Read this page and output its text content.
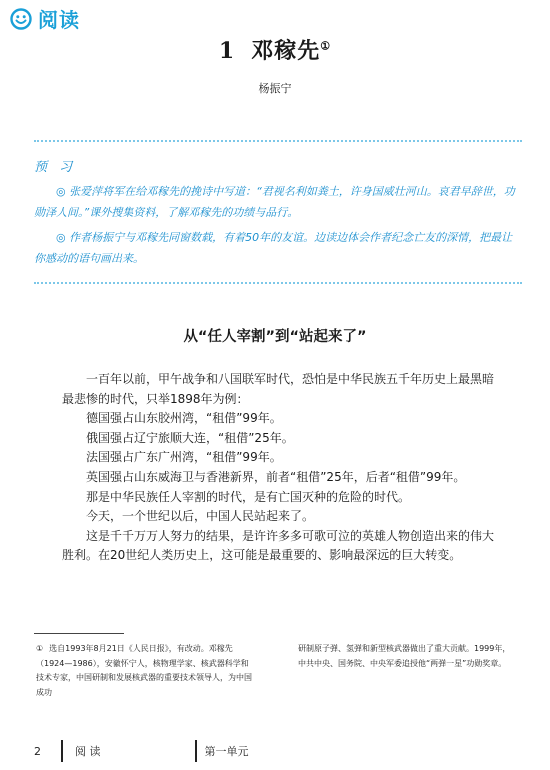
阅读
1 邓稼先①
杨振宁
预 习

◎ 张爱萍将军在给邓稼先的挽诗中写道：“君视名利如粪土，许身国威壮河山。哀君早辞世，功勋泽人间。”课外搜集资料，了解邓稼先的功绩与品行。

◎ 作者杨振宁与邓稼先同窗数载，有着50年的友谊。边读边体会作者纪念亡友的深情，把最让你感动的语句画出来。

从“任人宰割”到“站起来了”

一百年以前，甲午战争和八国联军时代，恐怕是中华民族五千年历史上最黑暗最悲惨的时代，只举1898年为例：

德国强占山东胶州湾，“租借”99年。

俄国强占辽宁旅顺大连，“租借”25年。

法国强占广东广州湾，“租借”99年。

英国强占山东威海卫与香港新界，前者“租借”25年，后者“租借”99年。

那是中华民族任人宰割的时代，是有亡国灭种的危险的时代。

今天，一个世纪以后，中国人民站起来了。

这是千千万万人努力的结果，是许许多多可歌可泣的英雄人物创造出来的伟大胜利。在20世纪人类历史上，这可能是最重要的、影响最深远的巨大转变。

① 选自1993年8月21日《人民日报》，有改动。邓稼先（1924—1986），安徽怀宁人，核物理学家、核武器科学和技术专家，中国研制和发展核武器的重要技术领导人，为中国成功
研制原子弹、氢弹和新型核武器做出了重大贡献。1999年，中共中央、国务院、中央军委追授他“两弹一星”功勋奖章。
2	阅 读	第一单元
